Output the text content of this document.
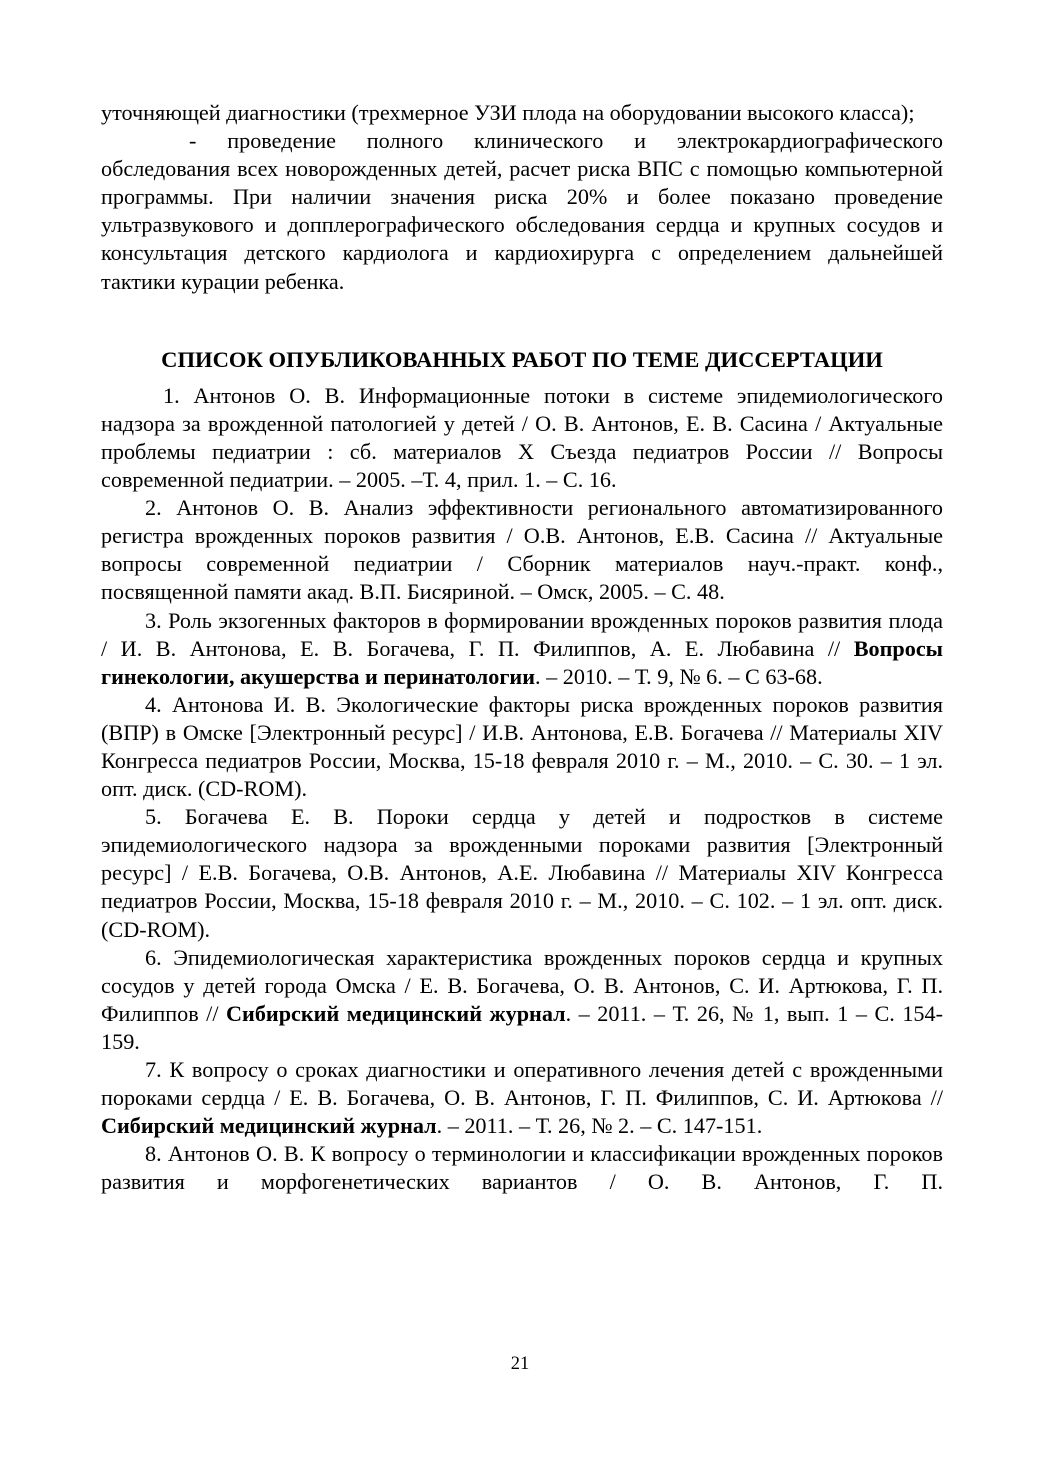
уточняющей диагностики (трехмерное УЗИ плода на оборудовании высокого класса);

- проведение полного клинического и электрокардиографического обследования всех новорожденных детей, расчет риска ВПС с помощью компьютерной программы. При наличии значения риска 20% и более показано проведение ультразвукового и допплерографического обследования сердца и крупных сосудов и консультация детского кардиолога и кардиохирурга с определением дальнейшей тактики курации ребенка.

СПИСОК ОПУБЛИКОВАННЫХ РАБОТ ПО ТЕМЕ ДИССЕРТАЦИИ

1. Антонов О. В. Информационные потоки в системе эпидемиологического надзора за врожденной патологией у детей / О. В. Антонов, Е. В. Сасина / Актуальные проблемы педиатрии : сб. материалов X Съезда педиатров России // Вопросы современной педиатрии. – 2005. –Т. 4, прил. 1. – С. 16.

2. Антонов О. В. Анализ эффективности регионального автоматизированного регистра врожденных пороков развития / О.В. Антонов, Е.В. Сасина // Актуальные вопросы современной педиатрии / Сборник материалов науч.-практ. конф., посвященной памяти акад. В.П. Бисяриной. – Омск, 2005. – С. 48.

3. Роль экзогенных факторов в формировании врожденных пороков развития плода / И. В. Антонова, Е. В. Богачева, Г. П. Филиппов, А. Е. Любавина // Вопросы гинекологии, акушерства и перинатологии. – 2010. – Т. 9, № 6. – С 63-68.

4. Антонова И. В. Экологические факторы риска врожденных пороков развития (ВПР) в Омске [Электронный ресурс] / И.В. Антонова, Е.В. Богачева // Материалы XIV Конгресса педиатров России, Москва, 15-18 февраля 2010 г. – М., 2010. – С. 30. – 1 эл. опт. диск. (CD-ROM).

5. Богачева Е. В. Пороки сердца у детей и подростков в системе эпидемиологического надзора за врожденными пороками развития [Электронный ресурс] / Е.В. Богачева, О.В. Антонов, А.Е. Любавина // Материалы XIV Конгресса педиатров России, Москва, 15-18 февраля 2010 г. – М., 2010. – С. 102. – 1 эл. опт. диск. (CD-ROM).

6. Эпидемиологическая характеристика врожденных пороков сердца и крупных сосудов у детей города Омска / Е. В. Богачева, О. В. Антонов, С. И. Артюкова, Г. П. Филиппов // Сибирский медицинский журнал. – 2011. – Т. 26, № 1, вып. 1 – С. 154-159.

7. К вопросу о сроках диагностики и оперативного лечения детей с врожденными пороками сердца / Е. В. Богачева, О. В. Антонов, Г. П. Филиппов, С. И. Артюкова // Сибирский медицинский журнал. – 2011. – Т. 26, № 2. – С. 147-151.

8. Антонов О. В. К вопросу о терминологии и классификации врожденных пороков развития и морфогенетических вариантов / О. В. Антонов, Г. П.

21
